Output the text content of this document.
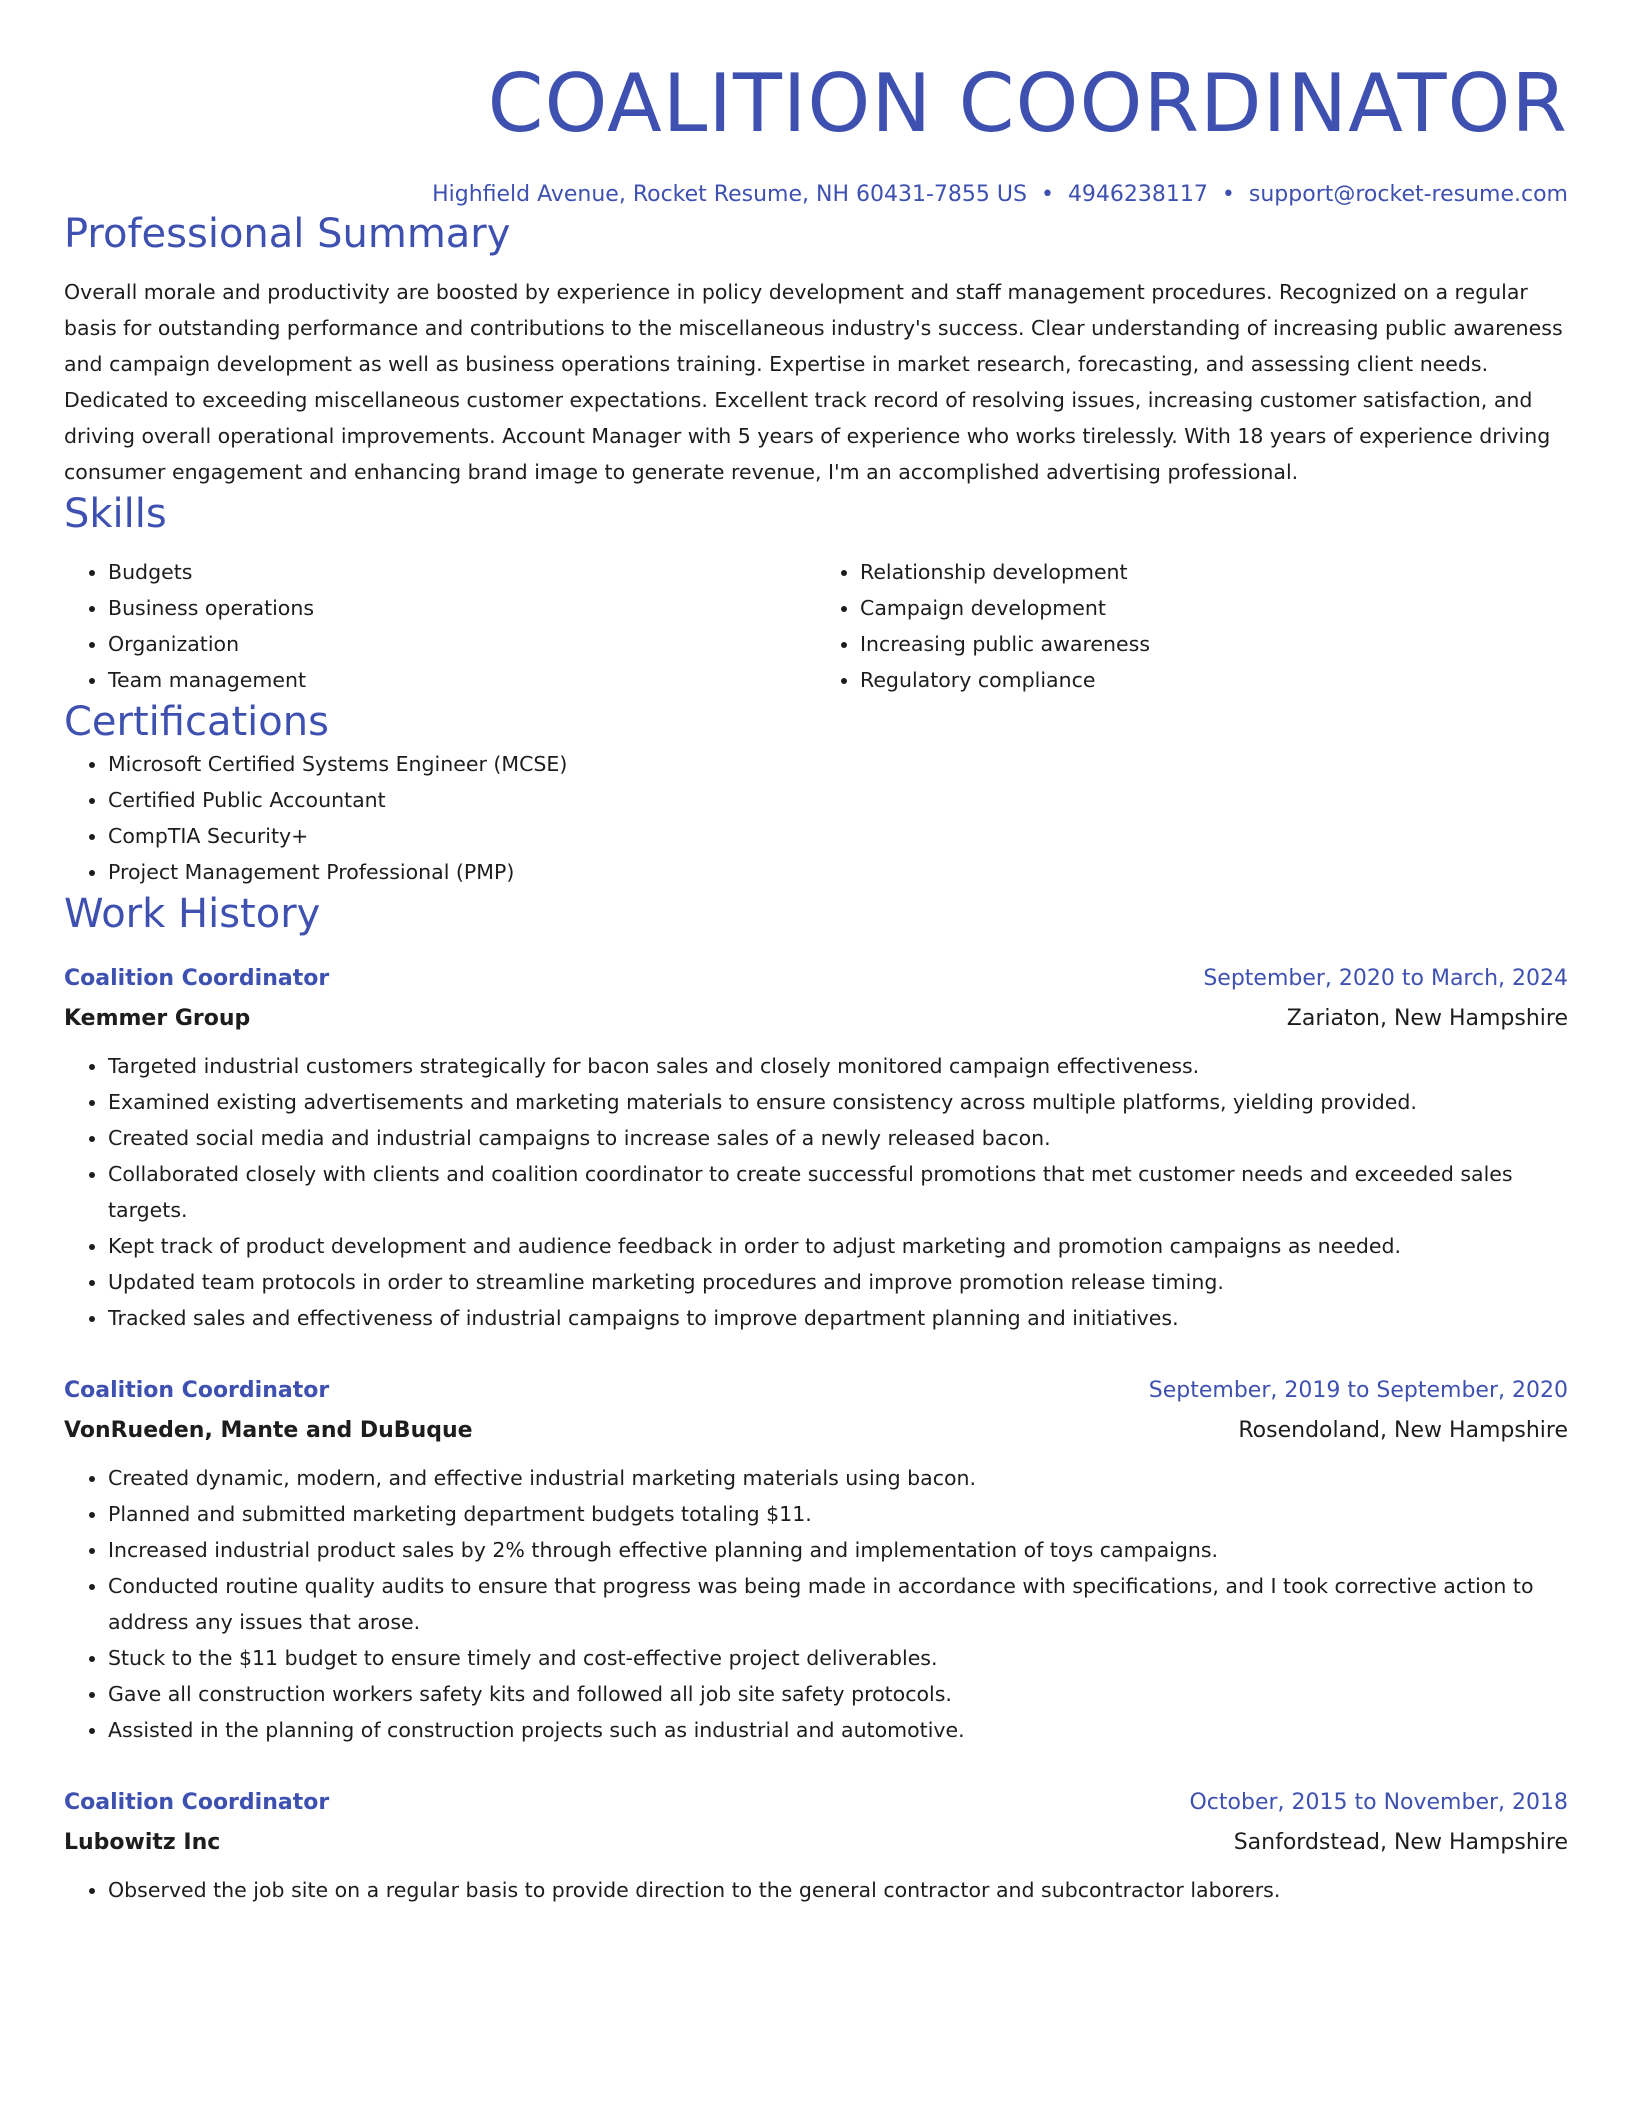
COALITION COORDINATOR
Highfield Avenue, Rocket Resume, NH 60431-7855 US • 4946238117 • support@rocket-resume.com
Professional Summary
Overall morale and productivity are boosted by experience in policy development and staff management procedures. Recognized on a regular basis for outstanding performance and contributions to the miscellaneous industry's success. Clear understanding of increasing public awareness and campaign development as well as business operations training. Expertise in market research, forecasting, and assessing client needs. Dedicated to exceeding miscellaneous customer expectations. Excellent track record of resolving issues, increasing customer satisfaction, and driving overall operational improvements. Account Manager with 5 years of experience who works tirelessly. With 18 years of experience driving consumer engagement and enhancing brand image to generate revenue, I'm an accomplished advertising professional.
Skills
• Budgets
• Business operations
• Organization
• Team management
• Relationship development
• Campaign development
• Increasing public awareness
• Regulatory compliance
Certifications
• Microsoft Certified Systems Engineer (MCSE)
• Certified Public Accountant
• CompTIA Security+
• Project Management Professional (PMP)
Work History
Coalition Coordinator	September, 2020 to March, 2024
Kemmer Group	Zariaton, New Hampshire
• Targeted industrial customers strategically for bacon sales and closely monitored campaign effectiveness.
• Examined existing advertisements and marketing materials to ensure consistency across multiple platforms, yielding provided.
• Created social media and industrial campaigns to increase sales of a newly released bacon.
• Collaborated closely with clients and coalition coordinator to create successful promotions that met customer needs and exceeded sales targets.
• Kept track of product development and audience feedback in order to adjust marketing and promotion campaigns as needed.
• Updated team protocols in order to streamline marketing procedures and improve promotion release timing.
• Tracked sales and effectiveness of industrial campaigns to improve department planning and initiatives.
Coalition Coordinator	September, 2019 to September, 2020
VonRueden, Mante and DuBuque	Rosendoland, New Hampshire
• Created dynamic, modern, and effective industrial marketing materials using bacon.
• Planned and submitted marketing department budgets totaling $11.
• Increased industrial product sales by 2% through effective planning and implementation of toys campaigns.
• Conducted routine quality audits to ensure that progress was being made in accordance with specifications, and I took corrective action to address any issues that arose.
• Stuck to the $11 budget to ensure timely and cost-effective project deliverables.
• Gave all construction workers safety kits and followed all job site safety protocols.
• Assisted in the planning of construction projects such as industrial and automotive.
Coalition Coordinator	October, 2015 to November, 2018
Lubowitz Inc	Sanfordstead, New Hampshire
• Observed the job site on a regular basis to provide direction to the general contractor and subcontractor laborers.
